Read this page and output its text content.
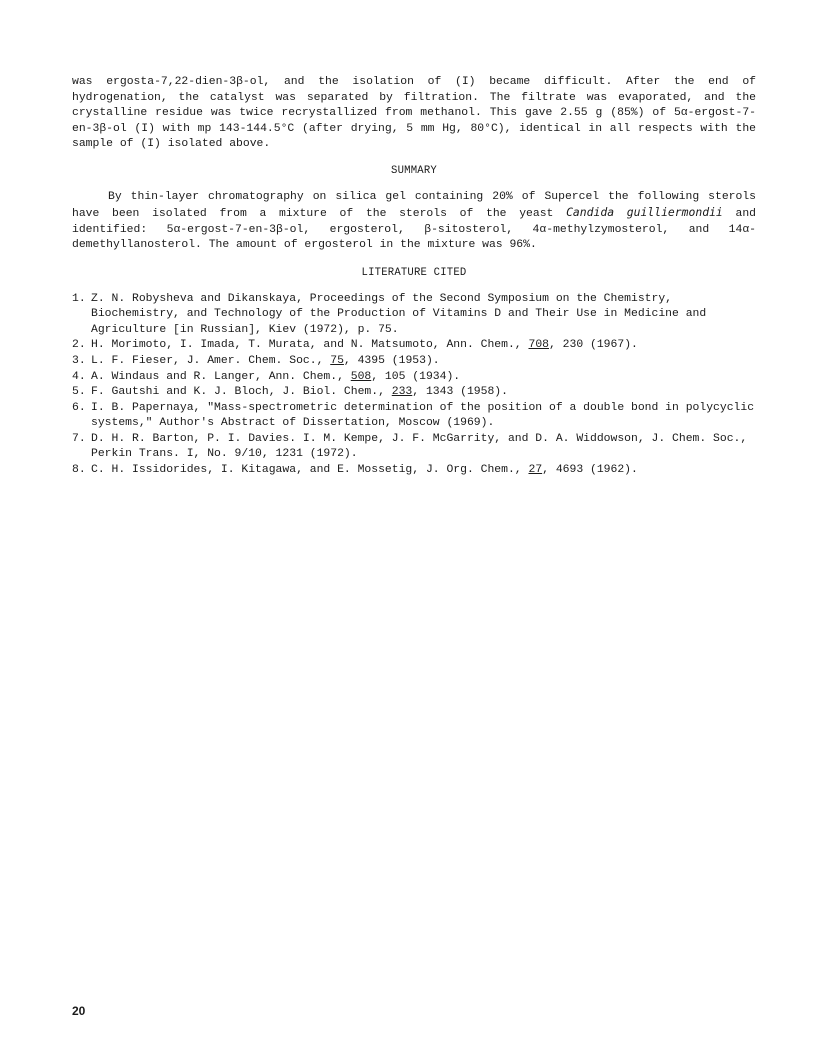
was ergosta-7,22-dien-3β-ol, and the isolation of (I) became difficult. After the end of hydrogenation, the catalyst was separated by filtration. The filtrate was evaporated, and the crystalline residue was twice recrystallized from methanol. This gave 2.55 g (85%) of 5α-ergost-7-en-3β-ol (I) with mp 143-144.5°C (after drying, 5 mm Hg, 80°C), identical in all respects with the sample of (I) isolated above.

SUMMARY

By thin-layer chromatography on silica gel containing 20% of Supercel the following sterols have been isolated from a mixture of the sterols of the yeast Candida guilliermondii and identified: 5α-ergost-7-en-3β-ol, ergosterol, β-sitosterol, 4α-methylzymosterol, and 14α-demethyllanosterol. The amount of ergosterol in the mixture was 96%.

LITERATURE CITED

1. Z. N. Robysheva and Dikanskaya, Proceedings of the Second Symposium on the Chemistry, Biochemistry, and Technology of the Production of Vitamins D and Their Use in Medicine and Agriculture [in Russian], Kiev (1972), p. 75.
2. H. Morimoto, I. Imada, T. Murata, and N. Matsumoto, Ann. Chem., 708, 230 (1967).
3. L. F. Fieser, J. Amer. Chem. Soc., 75, 4395 (1953).
4. A. Windaus and R. Langer, Ann. Chem., 508, 105 (1934).
5. F. Gautshi and K. J. Bloch, J. Biol. Chem., 233, 1343 (1958).
6. I. B. Papernaya, "Mass-spectrometric determination of the position of a double bond in polycyclic systems," Author's Abstract of Dissertation, Moscow (1969).
7. D. H. R. Barton, P. I. Davies. I. M. Kempe, J. F. McGarrity, and D. A. Widdowson, J. Chem. Soc., Perkin Trans. I, No. 9/10, 1231 (1972).
8. C. H. Issidorides, I. Kitagawa, and E. Mossetig, J. Org. Chem., 27, 4693 (1962).
20
